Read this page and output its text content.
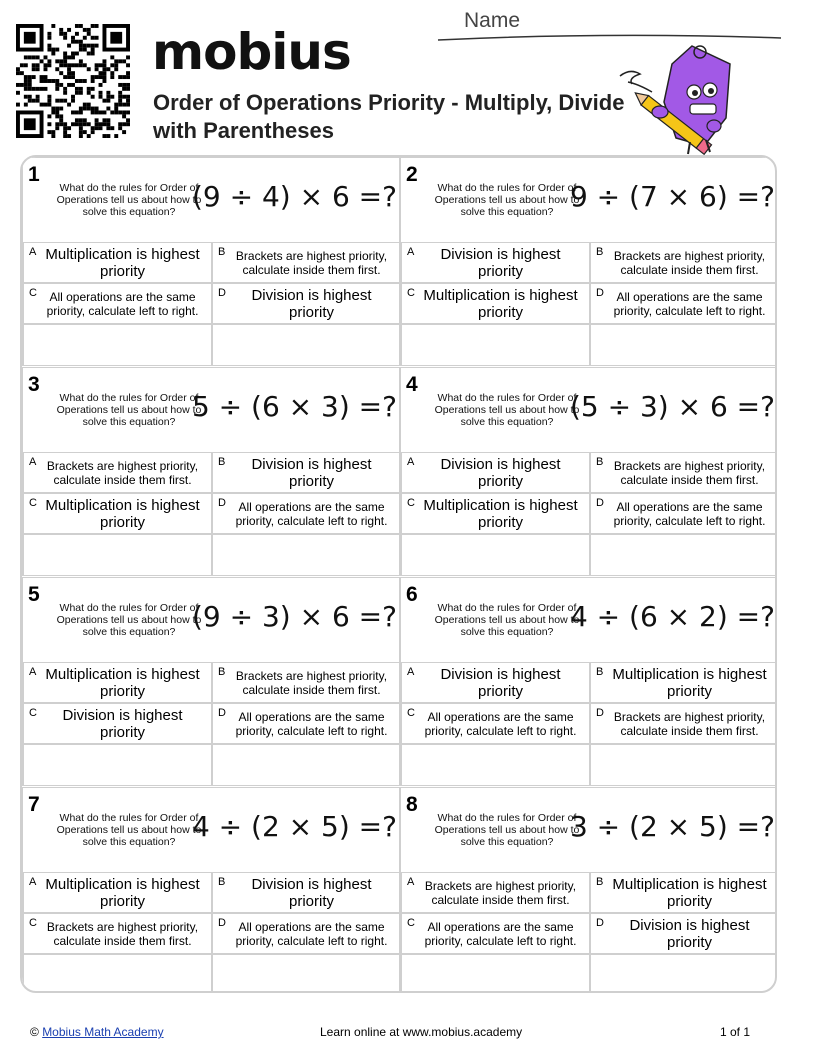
mobius
Order of Operations Priority - Multiply, Divide with Parentheses
Name
1
What do the rules for Order of Operations tell us about how to solve this equation? (9 ÷ 4) × 6 =?
A Multiplication is highest priority
B Brackets are highest priority, calculate inside them first.
C	All operations are the same priority, calculate left to right.
D	Division is highest priority
2
What do the rules for Order of Operations tell us about how to solve this equation? 9 ÷ (7 × 6) =?
A	Division is highest priority
B Brackets are highest priority, calculate inside them first.
C Multiplication is highest priority
D	All operations are the same priority, calculate left to right.
3
What do the rules for Order of Operations tell us about how to solve this equation? 5 ÷ (6 × 3) =?
A Brackets are highest priority, calculate inside them first.
B	Division is highest priority
C Multiplication is highest priority
D	All operations are the same priority, calculate left to right.
4
What do the rules for Order of Operations tell us about how to solve this equation? (5 ÷ 3) × 6 =?
A	Division is highest priority
B Brackets are highest priority, calculate inside them first.
C Multiplication is highest priority
D	All operations are the same priority, calculate left to right.
5
What do the rules for Order of Operations tell us about how to solve this equation? (9 ÷ 3) × 6 =?
A Multiplication is highest priority
B Brackets are highest priority, calculate inside them first.
C	Division is highest priority
D	All operations are the same priority, calculate left to right.
6
What do the rules for Order of Operations tell us about how to solve this equation? 4 ÷ (6 × 2) =?
A	Division is highest priority
B Multiplication is highest priority
C	All operations are the same priority, calculate left to right.
D Brackets are highest priority, calculate inside them first.
7
What do the rules for Order of Operations tell us about how to solve this equation? 4 ÷ (2 × 5) =?
A Multiplication is highest priority
B	Division is highest priority
C Brackets are highest priority, calculate inside them first.
D	All operations are the same priority, calculate left to right.
8
What do the rules for Order of Operations tell us about how to solve this equation? 3 ÷ (2 × 5) =?
A Brackets are highest priority, calculate inside them first.
B Multiplication is highest priority
C	All operations are the same priority, calculate left to right.
D	Division is highest priority
© Mobius Math Academy	Learn online at www.mobius.academy	1 of 1
